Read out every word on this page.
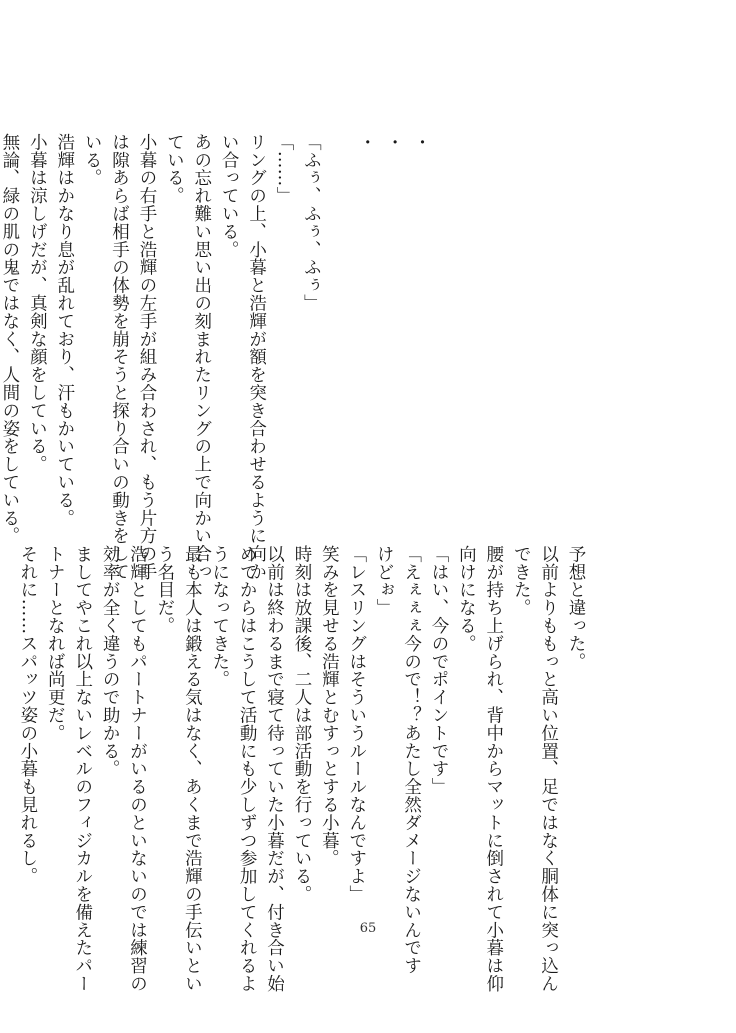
・
・
・

「ふぅ、ふぅ、ふぅ」
「……」
リングの上、小暮と浩輝が額を突き合わせるように向か
い合っている。
あの忘れ難い思い出の刻まれたリングの上で向かい合っ
ている。
小暮の右手と浩輝の左手が組み合わされ、もう片方の手
は隙あらば相手の体勢を崩そうと探り合いの動きをして
いる。
浩輝はかなり息が乱れており、汗もかいている。
小暮は涼しげだが、真剣な顔をしている。
無論、緑の肌の鬼ではなく、人間の姿をしている。
予想と違った。
以前よりももっと高い位置、足ではなく胴体に突っ込ん
できた。
腰が持ち上げられ、背中からマットに倒されて小暮は仰
向けになる。
「はい、今のでポイントです」
「えぇぇぇ今ので！？あたし全然ダメージないんです
けどぉ」
「レスリングはそういうルールなんですよ」
笑みを見せる浩輝とむすっとする小暮。
時刻は放課後、二人は部活動を行っている。
以前は終わるまで寝て待っていた小暮だが、付き合い始
めてからはこうして活動にも少しずつ参加してくれるよ
うになってきた。
最も本人は鍛える気はなく、あくまで浩輝の手伝いとい
う名目だ。
浩輝としてもパートナーがいるのといないのでは練習の
効率が全く違うので助かる。
ましてやこれ以上ないレベルのフィジカルを備えたパー
トナーとなれば尚更だ。
それに……スパッツ姿の小暮も見れるし。
65
